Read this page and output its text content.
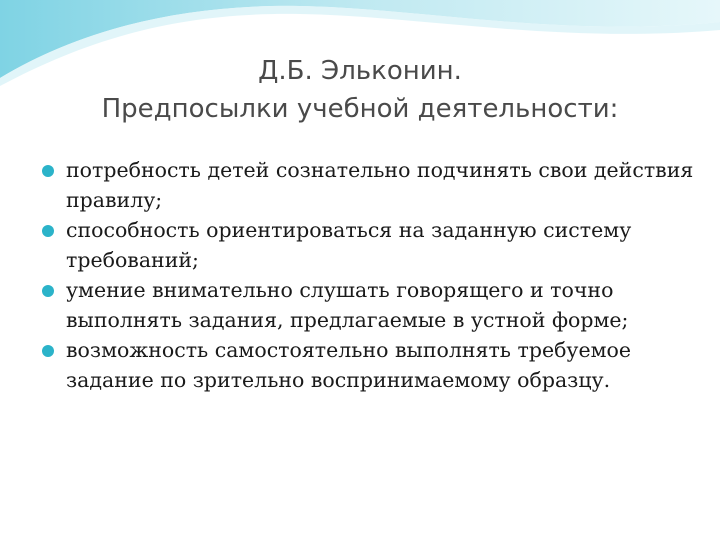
Д.Б. Эльконин.
Предпосылки учебной деятельности:
потребность детей сознательно подчинять свои действия правилу;
способность ориентироваться на заданную систему требований;
умение внимательно слушать говорящего и точно выполнять задания, предлагаемые в устной форме;
возможность самостоятельно выполнять требуемое задание по зрительно воспринимаемому образцу.
